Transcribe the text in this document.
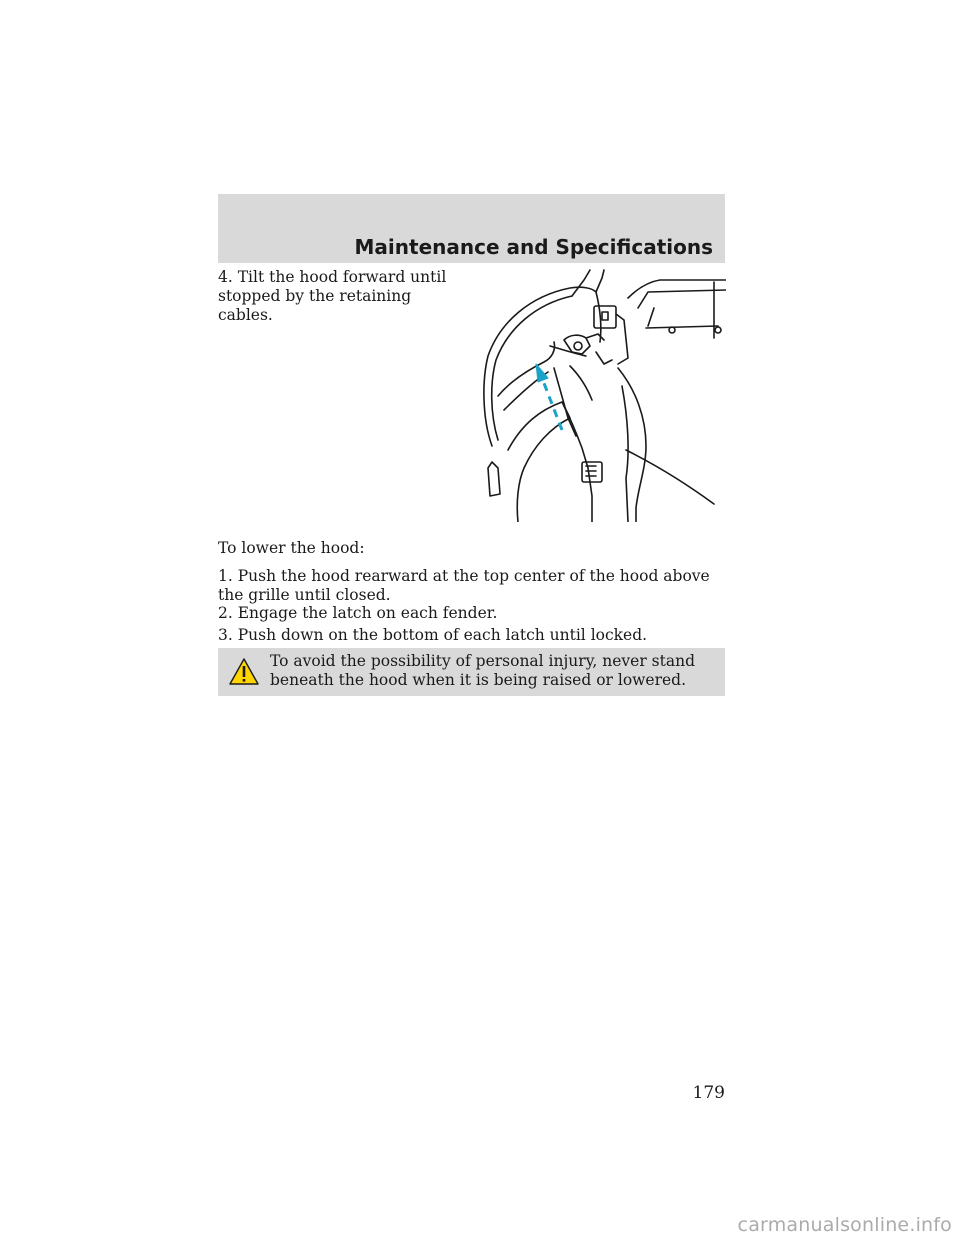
Maintenance and Specifications
4. Tilt the hood forward until stopped by the retaining cables.
To lower the hood:
1. Push the hood rearward at the top center of the hood above the grille until closed.
2. Engage the latch on each fender.
3. Push down on the bottom of each latch until locked.
To avoid the possibility of personal injury, never stand beneath the hood when it is being raised or lowered.
179
carmanualsonline.info
